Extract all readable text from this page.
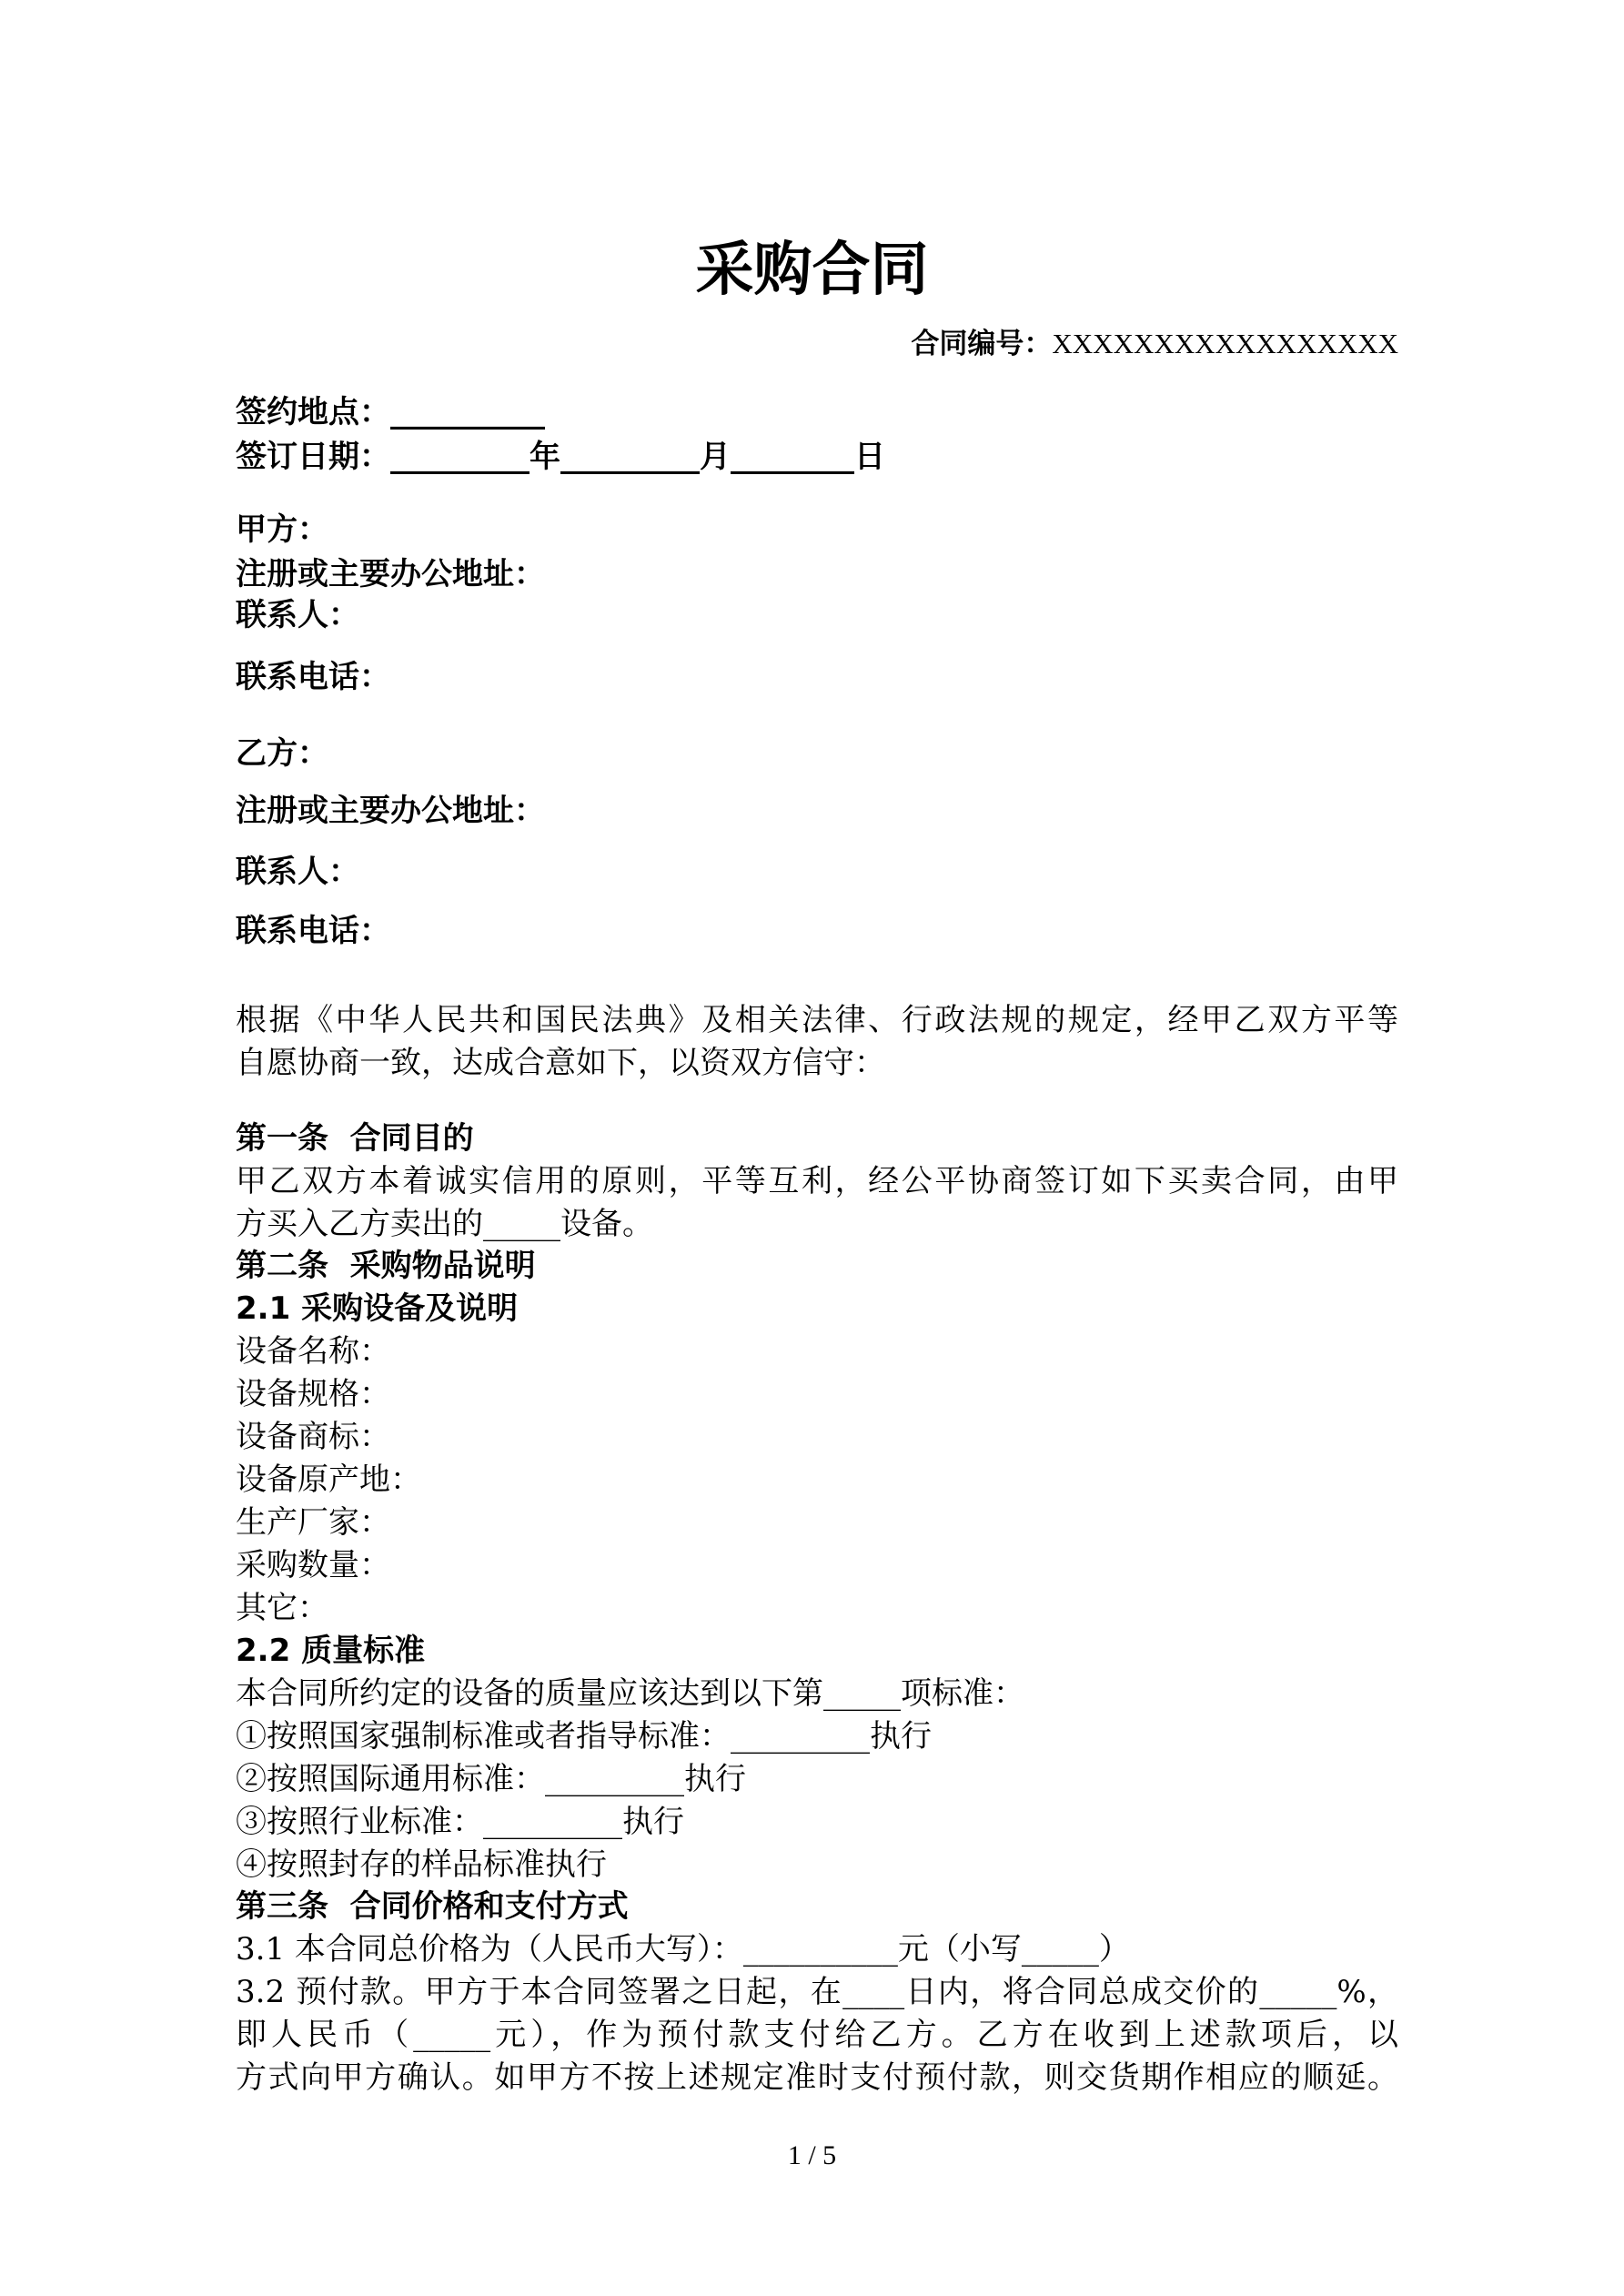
采购合同
合同编号：XXXXXXXXXXXXXXXXX
签约地点：__________
签订日期：_________年_________月________日
甲方：
注册或主要办公地址：
联系人：
联系电话：
乙方：
注册或主要办公地址：
联系人：
联系电话：
根据《中华人民共和国民法典》及相关法律、行政法规的规定，经甲乙双方平等
自愿协商一致，达成合意如下，以资双方信守：
第一条  合同目的
甲乙双方本着诚实信用的原则，平等互利，经公平协商签订如下买卖合同，由甲
方买入乙方卖出的_____设备。
第二条  采购物品说明
2.1 采购设备及说明
设备名称：
设备规格：
设备商标：
设备原产地：
生产厂家：
采购数量：
其它：
2.2 质量标准
本合同所约定的设备的质量应该达到以下第_____项标准：
①按照国家强制标准或者指导标准：_________执行
②按照国际通用标准：_________执行
③按照行业标准：_________执行
④按照封存的样品标准执行
第三条  合同价格和支付方式
3.1 本合同总价格为（人民币大写）：__________元（小写_____）
3.2 预付款。甲方于本合同签署之日起，在____日内，将合同总成交价的_____%，
即人民币（_____元），作为预付款支付给乙方。乙方在收到上述款项后，以
方式向甲方确认。如甲方不按上述规定准时支付预付款，则交货期作相应的顺延。
1 / 5
